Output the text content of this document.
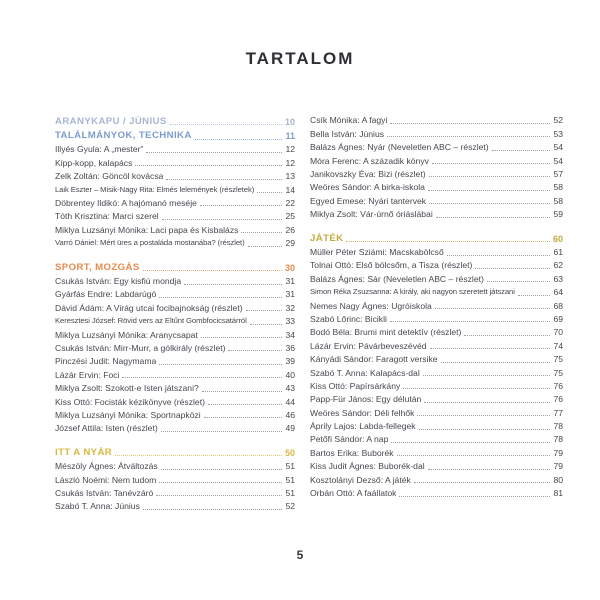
TARTALOM
ARANYKAPU / JÚNIUS	10
TALÁLMÁNYOK, TECHNIKA	11
Illyés Gyula: A „mester”	12
Kipp-kopp, kalapács	12
Zelk Zoltán: Göncöl kovácsa	13
Laik Eszter – Misik-Nagy Rita: Elmés lelemények (részletek)	14
Döbrentey Ildikó: A hajómanó meséje	22
Tóth Krisztina: Marci szerel	25
Miklya Luzsányi Mónika: Laci papa és Kisbalázs	26
Varró Dániel: Mért üres a postaláda mostanába? (részlet)	29
SPORT, MOZGÁS	30
Csukás István: Egy kisfiú mondja	31
Gyárfás Endre: Labdarúgó	31
Dávid Ádám: A Virág utcai focibajnokság (részlet)	32
Keresztesi József: Rövid vers az Eltűnt Gombfocicsatárról	33
Miklya Luzsányi Mónika: Aranycsapat	34
Csukás István: Mirr-Murr, a gólkirály (részlet)	36
Pinczési Judit: Nagymama	39
Lázár Ervin: Foci	40
Miklya Zsolt: Szokott-e Isten játszani?	43
Kiss Ottó: Focisták kézikönyve (részlet)	44
Miklya Luzsányi Mónika: Sportnapközi	46
József Attila: Isten (részlet)	49
ITT A NYÁR	50
Mészöly Ágnes: Átváltozás	51
László Noémi: Nem tudom	51
Csukás István: Tanévzáró	51
Szabó T. Anna: Június	52
Csík Mónika: A fagyi	52
Bella István: Június	53
Balázs Ágnes: Nyár (Neveletlen ABC – részlet)	54
Móra Ferenc: A századik könyv	54
Janikovszky Éva: Bizi (részlet)	57
Weöres Sándor: A birka-iskola	58
Egyed Emese: Nyári tantervek	58
Miklya Zsolt: Vár-úrnő óriáslábai	59
JÁTÉK	60
Müller Péter Sziámi: Macskabölcső	61
Tolnai Ottó: Első bölcsőm, a Tisza (részlet)	62
Balázs Ágnes: Sár (Neveletlen ABC – részlet)	63
Simon Réka Zsuzsanna: A király, aki nagyon szeretett játszani	64
Nemes Nagy Ágnes: Ugróiskola	68
Szabó Lőrinc: Bicikli	69
Bodó Béla: Brumi mint detektív (részlet)	70
Lázár Ervin: Pávárbeveszévéd	74
Kányádi Sándor: Faragott versike	75
Szabó T. Anna: Kalapács-dal	75
Kiss Ottó: Papírsárkány	76
Papp-Für János: Egy délután	76
Weöres Sándor: Déli felhők	77
Áprily Lajos: Labda-fellegek	78
Petőfi Sándor: A nap	78
Bartos Erika: Buborék	79
Kiss Judit Ágnes: Buborék-dal	79
Kosztolányi Dezső: A játék	80
Orbán Ottó: A faállatok	81
5
